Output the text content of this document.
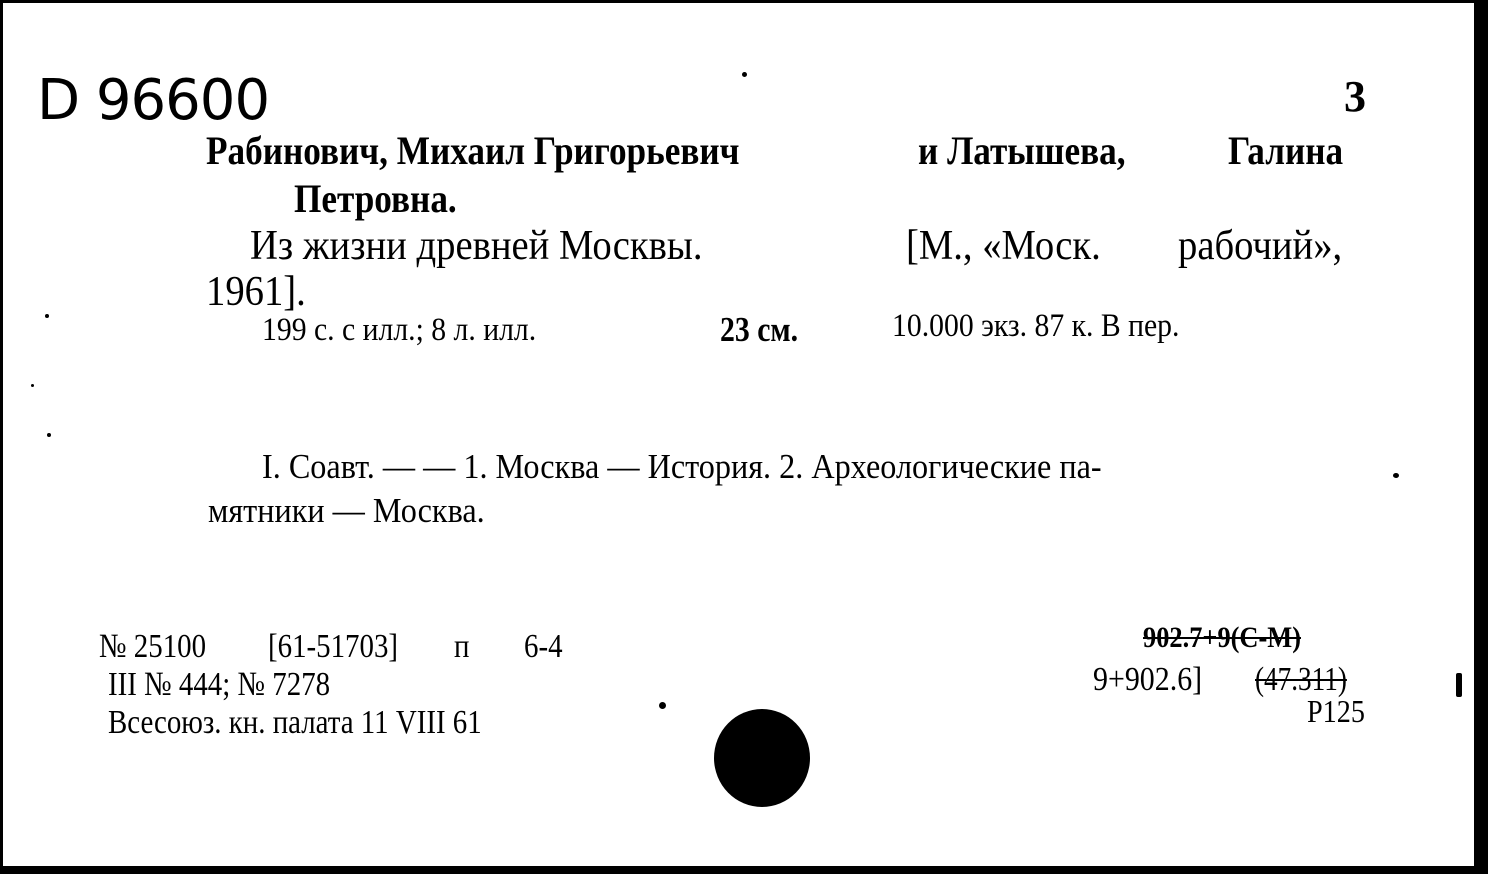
D 96600	3
Рабинович, Михаил Григорьевич	и Латышева,	Галина
Петровна.
Из жизни древней Москвы.	[М., «Моск. рабочий»,
1961].
199 с. с илл.; 8 л. илл.	23 см.	10.000 экз. 87 к. В пер.
I. Соавт. — — 1. Москва — История. 2. Археологические па-
мятники — Москва.
№ 25100 [61-51703] п 6-4
III № 444; № 7278
Всесоюз. кн. палата 11 VIII 61
902.7+9(С-М)
9+902.6] (47.311)
Р125
